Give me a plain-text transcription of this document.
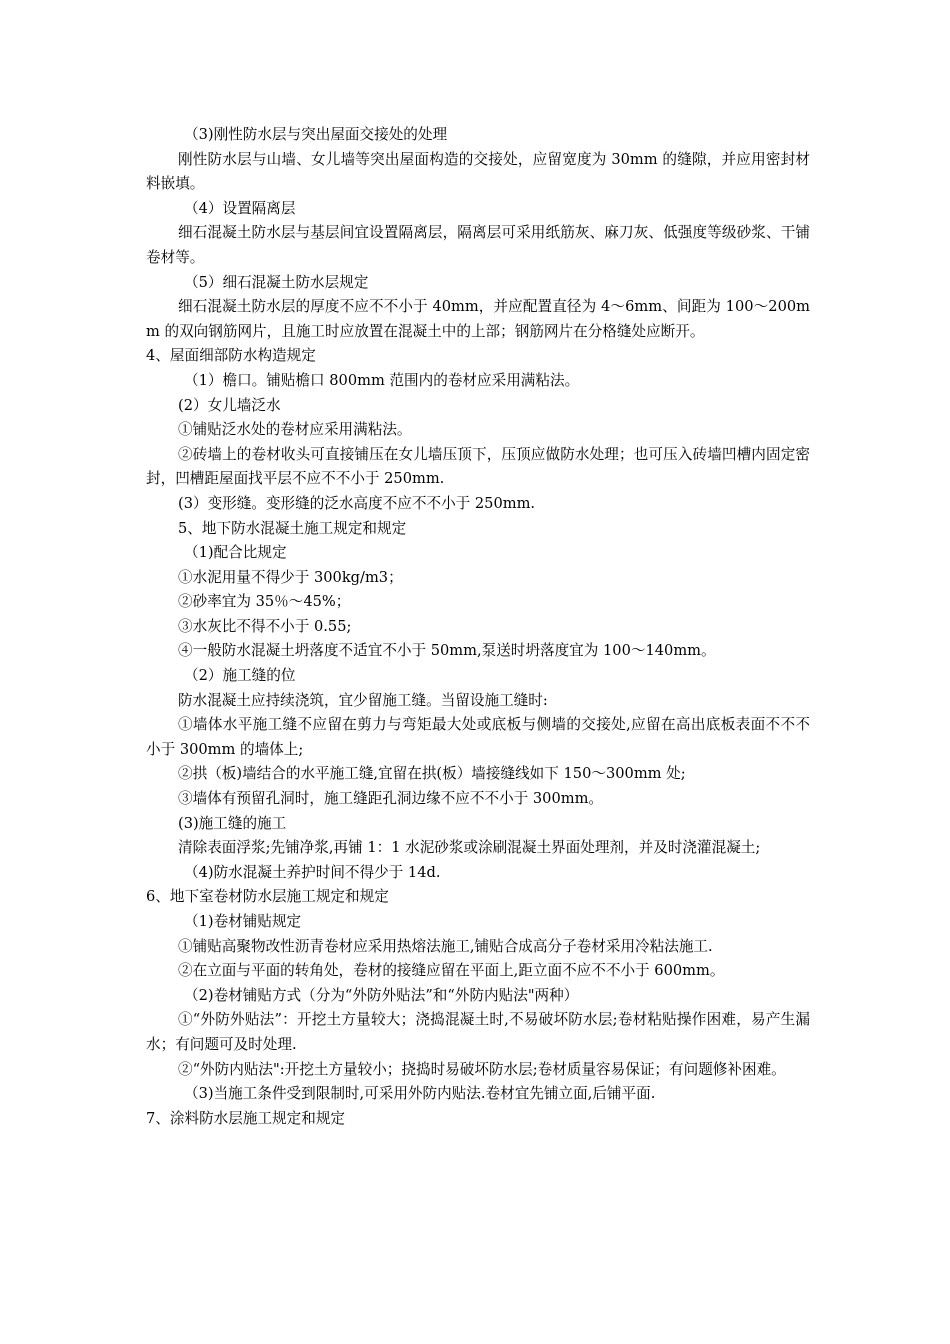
（3)刚性防水层与突出屋面交接处的处理

刚性防水层与山墙、女儿墙等突出屋面构造的交接处，应留宽度为 30mm 的缝隙，并应用密封材料嵌填。

（4）设置隔离层

细石混凝土防水层与基层间宜设置隔离层，隔离层可采用纸筋灰、麻刀灰、低强度等级砂浆、干铺卷材等。

（5）细石混凝土防水层规定

细石混凝土防水层的厚度不应不不小于 40mm，并应配置直径为 4～6mm、间距为 100～200mm 的双向钢筋网片，且施工时应放置在混凝土中的上部；钢筋网片在分格缝处应断开。

4、屋面细部防水构造规定

（1）檐口。铺贴檐口 800mm 范围内的卷材应采用满粘法。

(2）女儿墙泛水

①铺贴泛水处的卷材应采用满粘法。

②砖墙上的卷材收头可直接铺压在女儿墙压顶下，压顶应做防水处理；也可压入砖墙凹槽内固定密封，凹槽距屋面找平层不应不不小于 250mm.

(3）变形缝。变形缝的泛水高度不应不不小于 250mm.

5、地下防水混凝土施工规定和规定

（1)配合比规定

①水泥用量不得少于 300kg/m3；

②砂率宜为 35％～45%；

③水灰比不得不小于 0.55;

④一般防水混凝土坍落度不适宜不小于 50mm,泵送时坍落度宜为 100～140mm。

（2）施工缝的位

防水混凝土应持续浇筑，宜少留施工缝。当留设施工缝时:

①墙体水平施工缝不应留在剪力与弯矩最大处或底板与侧墙的交接处,应留在高出底板表面不不不小于 300mm 的墙体上;

②拱（板)墙结合的水平施工缝,宜留在拱(板）墙接缝线如下 150～300mm 处;

③墙体有预留孔洞时，施工缝距孔洞边缘不应不不小于 300mm。

(3)施工缝的施工

清除表面浮浆;先铺净浆,再铺 1：1 水泥砂浆或涂刷混凝土界面处理剂，并及时浇灌混凝土;

（4)防水混凝土养护时间不得少于 14d.

6、地下室卷材防水层施工规定和规定

（1)卷材铺贴规定

①铺贴高聚物改性沥青卷材应采用热熔法施工,铺贴合成高分子卷材采用冷粘法施工.

②在立面与平面的转角处，卷材的接缝应留在平面上,距立面不应不不小于 600mm。

（2)卷材铺贴方式（分为“外防外贴法”和“外防内贴法"两种）

①“外防外贴法”：开挖土方量较大；浇捣混凝土时,不易破坏防水层;卷材粘贴操作困难，易产生漏水；有问题可及时处理.

②“外防内贴法":开挖土方量较小；挠捣时易破坏防水层;卷材质量容易保证；有问题修补困难。

（3)当施工条件受到限制时,可采用外防内贴法.卷材宜先铺立面,后铺平面.

7、涂料防水层施工规定和规定
